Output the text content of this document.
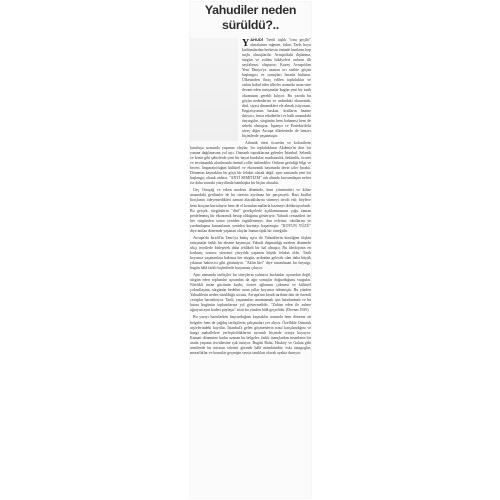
Yahudiler neden
sürüldü?..

YAHUDİ "benli taşlık "ırmı geçilir" olmalarına rağmen, fakat, Tarih boyu katliamlardan herkesin önünde bunların hep suçlu olmuşlardır. Avrupa'daki dışlanma, sürgün ve zulüm hikâyeleri onların ilk sayfalarını oluşturur; Kuzey Avrupa'dan Yeni Dünya'ya uzanan acı tarihte göçün başlangıcı ve sonuçları burada bulunur. Ülkesinden ihraç edilen topluluklar ve onları kabul eden ülkeler arasında uzun süre devam eden tartışmalar bugün yeni bir tarih okumasını gerekli kılıyor. Bu yazıda bu göçün nedenlerini ve ardındaki ekonomik, dinî, siyasi dinamikleri ele almak istiyorum. Engizisyonun baskısı, kralların hazine ihtiyacı, lonca rekabetleri ve halk arasındaki önyargılar, sürgünün hem bahanesi hem de sebebi olmuştur. İspanya ve Portekiz'deki süreç diğer Avrupa ülkelerinde de benzer biçimlerde yaşanmıştır.

Atlantik ötesi ticaretin ve kolonilerin kuruluşu sırasında yaşanan olaylar, bu toplulukların Akdeniz'in dört bir yanına dağılmasına yol açtı. Osmanlı topraklarına gelenler İstanbul, Selanik ve İzmir gibi şehirlerde yeni bir hayat kurdular; matbaacılık, hekimlik, ticaret ve tercümanlık alanlarında önemli roller üstlendiler. Onların getirdiği bilgi ve beceri, İmparatorluğun kültürel ve ekonomik hayatında derin izler bıraktı. Dönemin kaynakları bu göçü bir felaket olarak değil, aynı zamanda yeni bir başlangıç olarak anlatır. "ANTİ SEMİTİZM" adı altında kavramlaşan nefret ise daha sonraki yüzyıllarda bambaşka bir biçim alacaktı.

Geç Ortaçağ ve erken modern dönemde, kent yönetimleri ve kilise arasındaki gerilimler de bu sürecin ayrılmaz bir parçasıydı. Bazı krallar borçlarını ödeyemedikleri zaman alacaklılarını sürmeyi tercih etti; böylece hem borçtan kurtuluyor hem de el konulan mallarla hazineyi dolduruyorlardı. Bu gerçek, sürgünlerin "dinî" gerekçelerle açıklanmasının çoğu zaman perdelenmiş bir ekonomik hesap olduğunu gösteriyor. Yahudi cemaatleri ise her sürgünden sonra yeniden örgütlenmeyi, dua evlerini, okullarını ve yardımlaşma kurumlarını yeniden kurmayı başarmıştır. "KOYUN YÜZÜ" diye anılan dönemde yaşanan olaylar bunun tipik bir örneğidir.

Avrupa'da İsrafil'in Tanrı'ya bakış açısı ile Yahudilerin kimliğine ilişkin tartışmalar farklı bir eksene kaymıştır. Yahudi düşmanlığı modern dönemde ırkçı teorilerle birleşerek daha tehlikeli bir hal almıştır. Bu ideolojinin en korkunç sonucu yirminci yüzyılda yaşanan büyük felaket oldu. Tarih boyunca yaşananlara bakınca her sürgün, ardından gelecek olan daha büyük yıkımın habercisi gibi görünüyor. "Aklın kiri" diye tanımlanan bu önyargı, bugün hâlâ farklı biçimlerde karşımıza çıkıyor.

Aynı zamanda tarihçiler bu süreçlerin yalnızca kurbanlar açısından değil, sürgün eden toplumlar açısından da ağır sonuçlar doğurduğunu vurgular. Nitelikli insan gücünün kaybı, ticaret ağlarının çökmesi ve kültürel yoksullaşma, sürgünün bedelini uzun yıllar boyunca ödetmiştir. Bu yüzden Yahudilerin neden sürüldüğü sorusu, Avrupa'nın kendi tarihine dair de önemli cevaplar barındırıyor. Tarih, yaşananları unutmamak için hatırlanmalı ve bu hatıra bugünün toplumlarına yol göstermelidir. "Zulüm eden ile zulme uğrayan aynı kaderi paylaşır" sözü bu yüzden hâlâ geçerlidir. (Devam 1929)

Bu yazıyı hazırlarken başvurduğum kaynaklar arasında hem döneme ait belgeler hem de çağdaş tarihçilerin çalışmaları yer alıyor. Özellikle Osmanlı arşivlerindeki kayıtlar, İstanbul'a gelen göçmenlerin nasıl karşılandığını ve hangi mahallelere yerleştirildiklerini ayrıntılı biçimde ortaya koyuyor. Kanuni dönemine kadar uzanan bu belgeler, farklı inançlardan insanların bir arada yaşama tecrübesine ışık tutuyor. Bugün Balat, Hasköy ve Galata gibi semtlerde bu mirasın izlerini görmek hâlâ mümkündür; eski sinagoglar, mezarlıklar ve konutlar geçmişin sessiz tanıkları olarak ayakta duruyor.
